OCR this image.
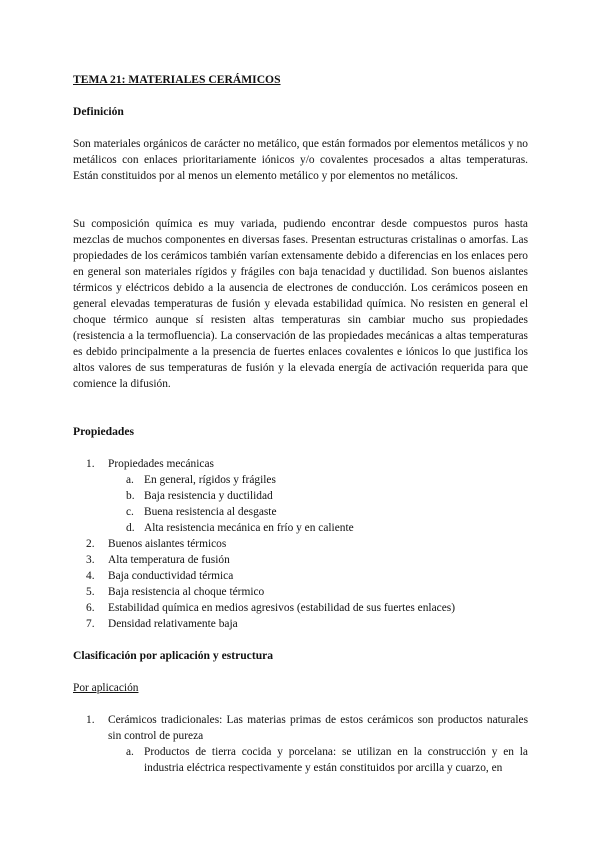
TEMA 21: MATERIALES CERÁMICOS
Definición

Son materiales orgánicos de carácter no metálico, que están formados por elementos metálicos y no metálicos con enlaces prioritariamente iónicos y/o covalentes procesados a altas temperaturas. Están constituidos por al menos un elemento metálico y por elementos no metálicos.

Su composición química es muy variada, pudiendo encontrar desde compuestos puros hasta mezclas de muchos componentes en diversas fases. Presentan estructuras cristalinas o amorfas. Las propiedades de los cerámicos también varían extensamente debido a diferencias en los enlaces pero en general son materiales rígidos y frágiles con baja tenacidad y ductilidad. Son buenos aislantes térmicos y eléctricos debido a la ausencia de electrones de conducción. Los cerámicos poseen en general elevadas temperaturas de fusión y elevada estabilidad química. No resisten en general el choque térmico aunque sí resisten altas temperaturas sin cambiar mucho sus propiedades (resistencia a la termofluencia). La conservación de las propiedades mecánicas a altas temperaturas es debido principalmente a la presencia de fuertes enlaces covalentes e iónicos lo que justifica los altos valores de sus temperaturas de fusión y la elevada energía de activación requerida para que comience la difusión.

Propiedades
1.	Propiedades mecánicas
a. En general, rígidos y frágiles
b. Baja resistencia y ductilidad
c. Buena resistencia al desgaste
d. Alta resistencia mecánica en frío y en caliente
2.	Buenos aislantes térmicos
3.	Alta temperatura de fusión
4.	Baja conductividad térmica
5.	Baja resistencia al choque térmico
6.	Estabilidad química en medios agresivos (estabilidad de sus fuertes enlaces)
7.	Densidad relativamente baja
Clasificación por aplicación y estructura
Por aplicación
1.	Cerámicos tradicionales: Las materias primas de estos cerámicos son productos naturales sin control de pureza
a. Productos de tierra cocida y porcelana: se utilizan en la construcción y en la industria eléctrica respectivamente y están constituidos por arcilla y cuarzo, en
